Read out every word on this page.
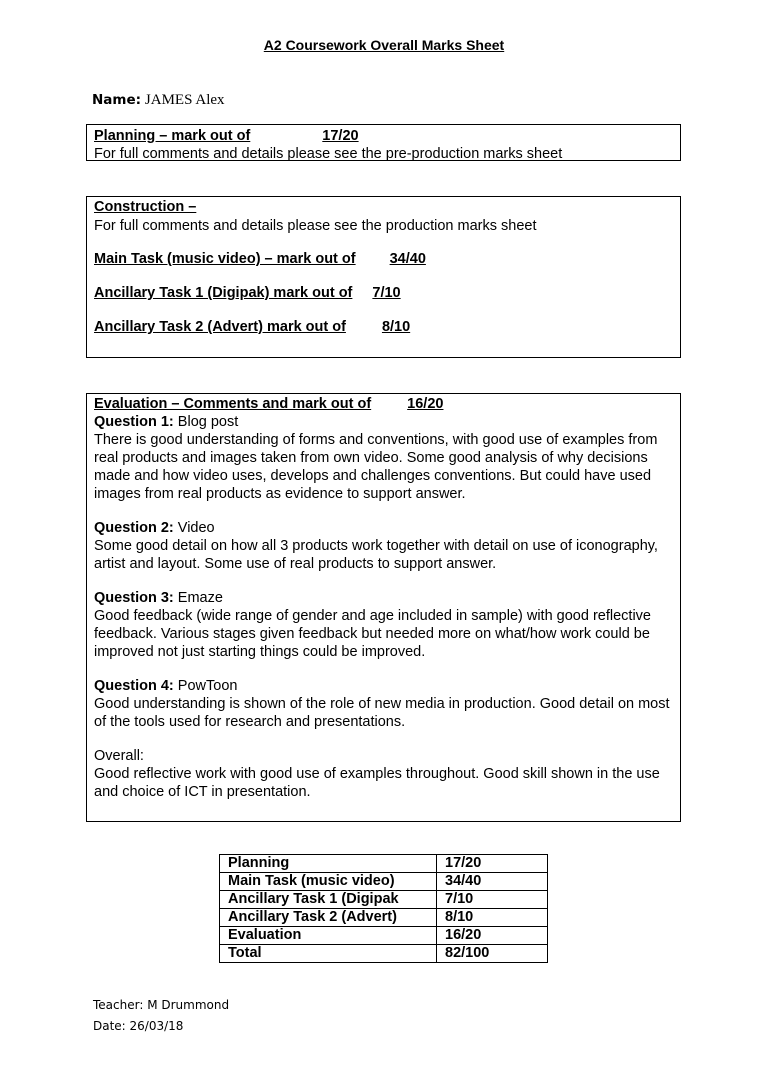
A2 Coursework Overall Marks Sheet
Name: JAMES Alex

Planning – mark out of	17/20

For full comments and details please see the pre-production marks sheet

Construction –

For full comments and details please see the production marks sheet

Main Task (music video) – mark out of 34/40

Ancillary Task 1 (Digipak) mark out of 7/10

Ancillary Task 2 (Advert) mark out of 8/10

Evaluation – Comments and mark out of 16/20

Question 1: Blog post

There is good understanding of forms and conventions, with good use of examples from real products and images taken from own video. Some good analysis of why decisions made and how video uses, develops and challenges conventions. But could have used images from real products as evidence to support answer.

Question 2: Video

Some good detail on how all 3 products work together with detail on use of iconography, artist and layout. Some use of real products to support answer.

Question 3: Emaze

Good feedback (wide range of gender and age included in sample) with good reflective feedback. Various stages given feedback but needed more on what/how work could be improved not just starting things could be improved.

Question 4: PowToon

Good understanding is shown of the role of new media in production. Good detail on most of the tools used for research and presentations.

Overall:

Good reflective work with good use of examples throughout. Good skill shown in the use and choice of ICT in presentation.

Planning	17/20
Main Task (music video)	34/40
Ancillary Task 1 (Digipak	7/10
Ancillary Task 2 (Advert)	8/10
Evaluation	16/20
Total	82/100
Teacher: M Drummond
Date: 26/03/18
